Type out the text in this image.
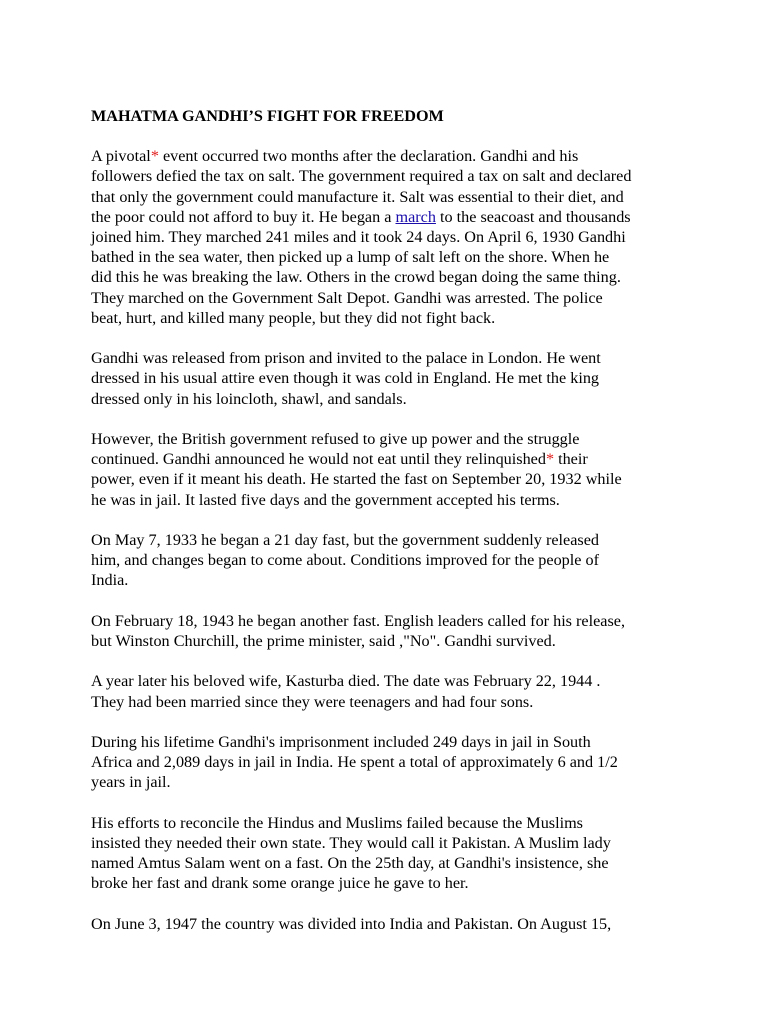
MAHATMA GANDHI’S FIGHT FOR FREEDOM
A pivotal* event occurred two months after the declaration. Gandhi and his
followers defied the tax on salt. The government required a tax on salt and declared
that only the government could manufacture it. Salt was essential to their diet, and
the poor could not afford to buy it. He began a march to the seacoast and thousands
joined him. They marched 241 miles and it took 24 days. On April 6, 1930 Gandhi
bathed in the sea water, then picked up a lump of salt left on the shore. When he
did this he was breaking the law. Others in the crowd began doing the same thing.
They marched on the Government Salt Depot. Gandhi was arrested. The police
beat, hurt, and killed many people, but they did not fight back.
Gandhi was released from prison and invited to the palace in London. He went
dressed in his usual attire even though it was cold in England. He met the king
dressed only in his loincloth, shawl, and sandals.
However, the British government refused to give up power and the struggle
continued. Gandhi announced he would not eat until they relinquished* their
power, even if it meant his death. He started the fast on September 20, 1932 while
he was in jail. It lasted five days and the government accepted his terms.
On May 7, 1933 he began a 21 day fast, but the government suddenly released
him, and changes began to come about. Conditions improved for the people of
India.
On February 18, 1943 he began another fast. English leaders called for his release,
but Winston Churchill, the prime minister, said ,"No". Gandhi survived.
A year later his beloved wife, Kasturba died. The date was February 22, 1944 .
They had been married since they were teenagers and had four sons.
During his lifetime Gandhi's imprisonment included 249 days in jail in South
Africa and 2,089 days in jail in India. He spent a total of approximately 6 and 1/2
years in jail.
His efforts to reconcile the Hindus and Muslims failed because the Muslims
insisted they needed their own state. They would call it Pakistan. A Muslim lady
named Amtus Salam went on a fast. On the 25th day, at Gandhi's insistence, she
broke her fast and drank some orange juice he gave to her.
On June 3, 1947 the country was divided into India and Pakistan. On August 15,
